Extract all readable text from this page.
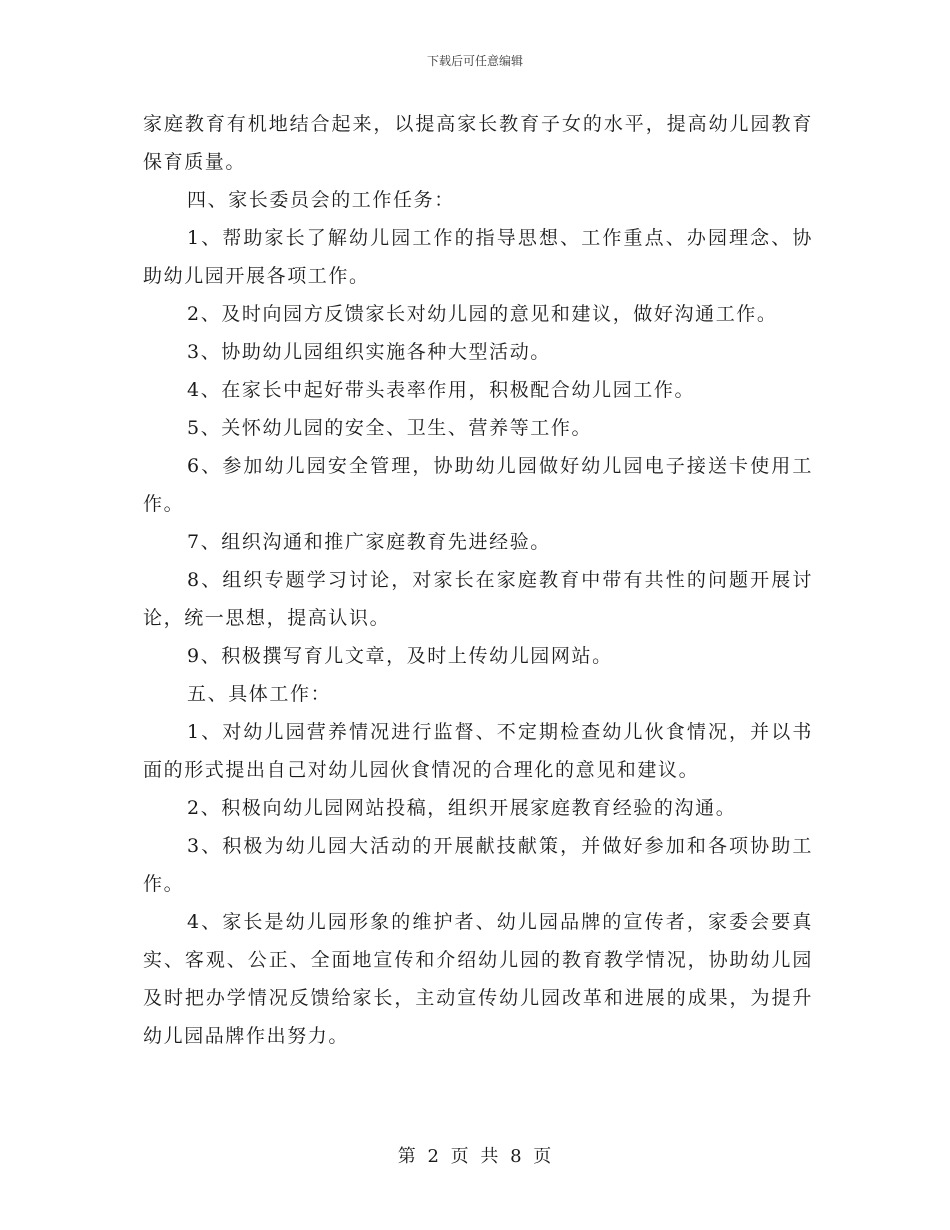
下载后可任意编辑

家庭教育有机地结合起来，以提高家长教育子女的水平，提高幼儿园教育保育质量。

四、家长委员会的工作任务：

1、帮助家长了解幼儿园工作的指导思想、工作重点、办园理念、协助幼儿园开展各项工作。

2、及时向园方反馈家长对幼儿园的意见和建议，做好沟通工作。

3、协助幼儿园组织实施各种大型活动。

4、在家长中起好带头表率作用，积极配合幼儿园工作。

5、关怀幼儿园的安全、卫生、营养等工作。

6、参加幼儿园安全管理，协助幼儿园做好幼儿园电子接送卡使用工作。

7、组织沟通和推广家庭教育先进经验。

8、组织专题学习讨论，对家长在家庭教育中带有共性的问题开展讨论，统一思想，提高认识。

9、积极撰写育儿文章，及时上传幼儿园网站。

五、具体工作：

1、对幼儿园营养情况进行监督、不定期检查幼儿伙食情况，并以书面的形式提出自己对幼儿园伙食情况的合理化的意见和建议。

2、积极向幼儿园网站投稿，组织开展家庭教育经验的沟通。

3、积极为幼儿园大活动的开展献技献策，并做好参加和各项协助工作。

4、家长是幼儿园形象的维护者、幼儿园品牌的宣传者，家委会要真实、客观、公正、全面地宣传和介绍幼儿园的教育教学情况，协助幼儿园及时把办学情况反馈给家长，主动宣传幼儿园改革和进展的成果，为提升幼儿园品牌作出努力。

第 2 页 共 8 页
